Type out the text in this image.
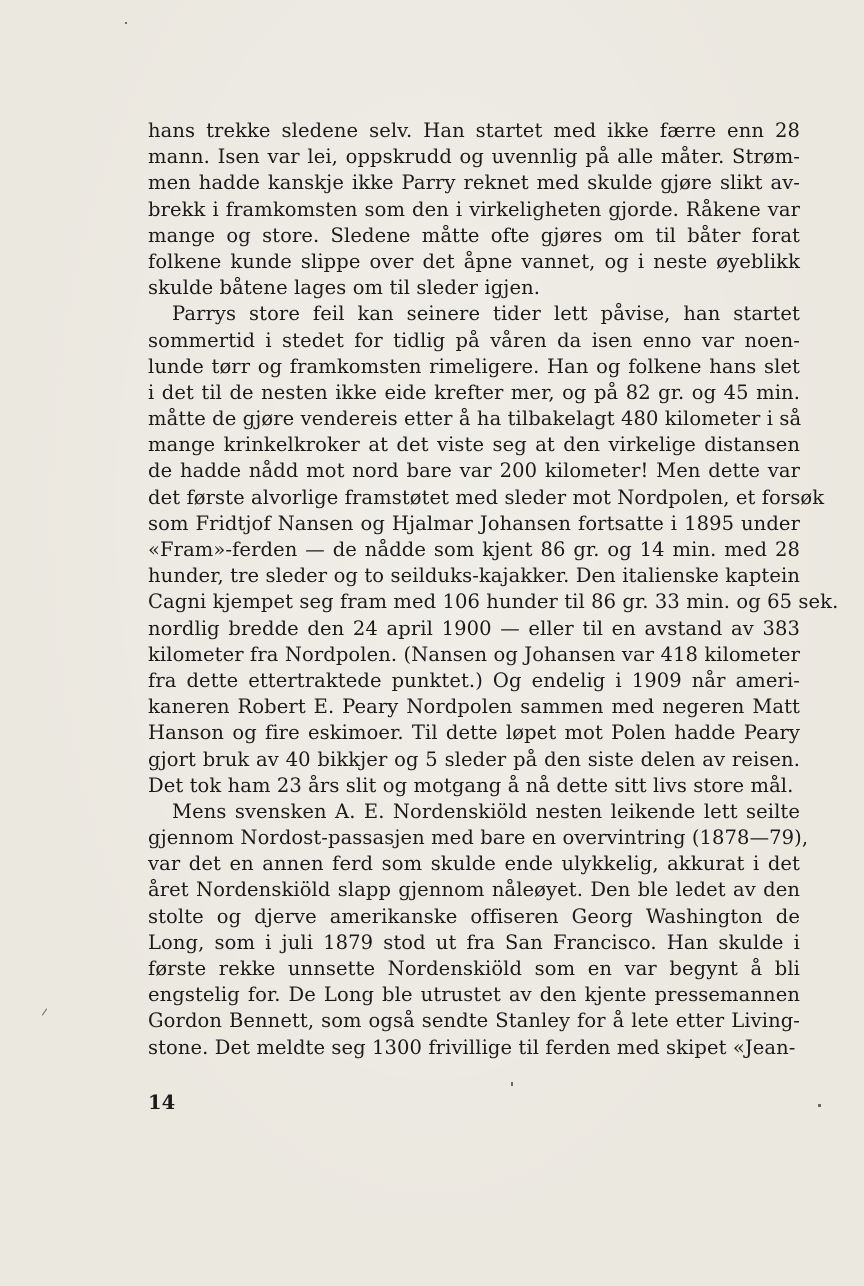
hans trekke sledene selv. Han startet med ikke færre enn 28
mann. Isen var lei, oppskrudd og uvennlig på alle måter. Strøm-
men hadde kanskje ikke Parry reknet med skulde gjøre slikt av-
brekk i framkomsten som den i virkeligheten gjorde. Råkene var
mange og store. Sledene måtte ofte gjøres om til båter forat
folkene kunde slippe over det åpne vannet, og i neste øyeblikk
skulde båtene lages om til sleder igjen.
Parrys store feil kan seinere tider lett påvise, han startet
sommertid i stedet for tidlig på våren da isen enno var noen-
lunde tørr og framkomsten rimeligere. Han og folkene hans slet
i det til de nesten ikke eide krefter mer, og på 82 gr. og 45 min.
måtte de gjøre vendereis etter å ha tilbakelagt 480 kilometer i så
mange krinkelkroker at det viste seg at den virkelige distansen
de hadde nådd mot nord bare var 200 kilometer! Men dette var
det første alvorlige framstøtet med sleder mot Nordpolen, et forsøk
som Fridtjof Nansen og Hjalmar Johansen fortsatte i 1895 under
«Fram»-ferden — de nådde som kjent 86 gr. og 14 min. med 28
hunder, tre sleder og to seilduks-kajakker. Den italienske kaptein
Cagni kjempet seg fram med 106 hunder til 86 gr. 33 min. og 65 sek.
nordlig bredde den 24 april 1900 — eller til en avstand av 383
kilometer fra Nordpolen. (Nansen og Johansen var 418 kilometer
fra dette ettertraktede punktet.) Og endelig i 1909 når ameri-
kaneren Robert E. Peary Nordpolen sammen med negeren Matt
Hanson og fire eskimoer. Til dette løpet mot Polen hadde Peary
gjort bruk av 40 bikkjer og 5 sleder på den siste delen av reisen.
Det tok ham 23 års slit og motgang å nå dette sitt livs store mål.
Mens svensken A. E. Nordenskiöld nesten leikende lett seilte
gjennom Nordost-passasjen med bare en overvintring (1878—79),
var det en annen ferd som skulde ende ulykkelig, akkurat i det
året Nordenskiöld slapp gjennom nåleøyet. Den ble ledet av den
stolte og djerve amerikanske offiseren Georg Washington de
Long, som i juli 1879 stod ut fra San Francisco. Han skulde i
første rekke unnsette Nordenskiöld som en var begynt å bli
engstelig for. De Long ble utrustet av den kjente pressemannen
Gordon Bennett, som også sendte Stanley for å lete etter Living-
stone. Det meldte seg 1300 frivillige til ferden med skipet «Jean-
14
